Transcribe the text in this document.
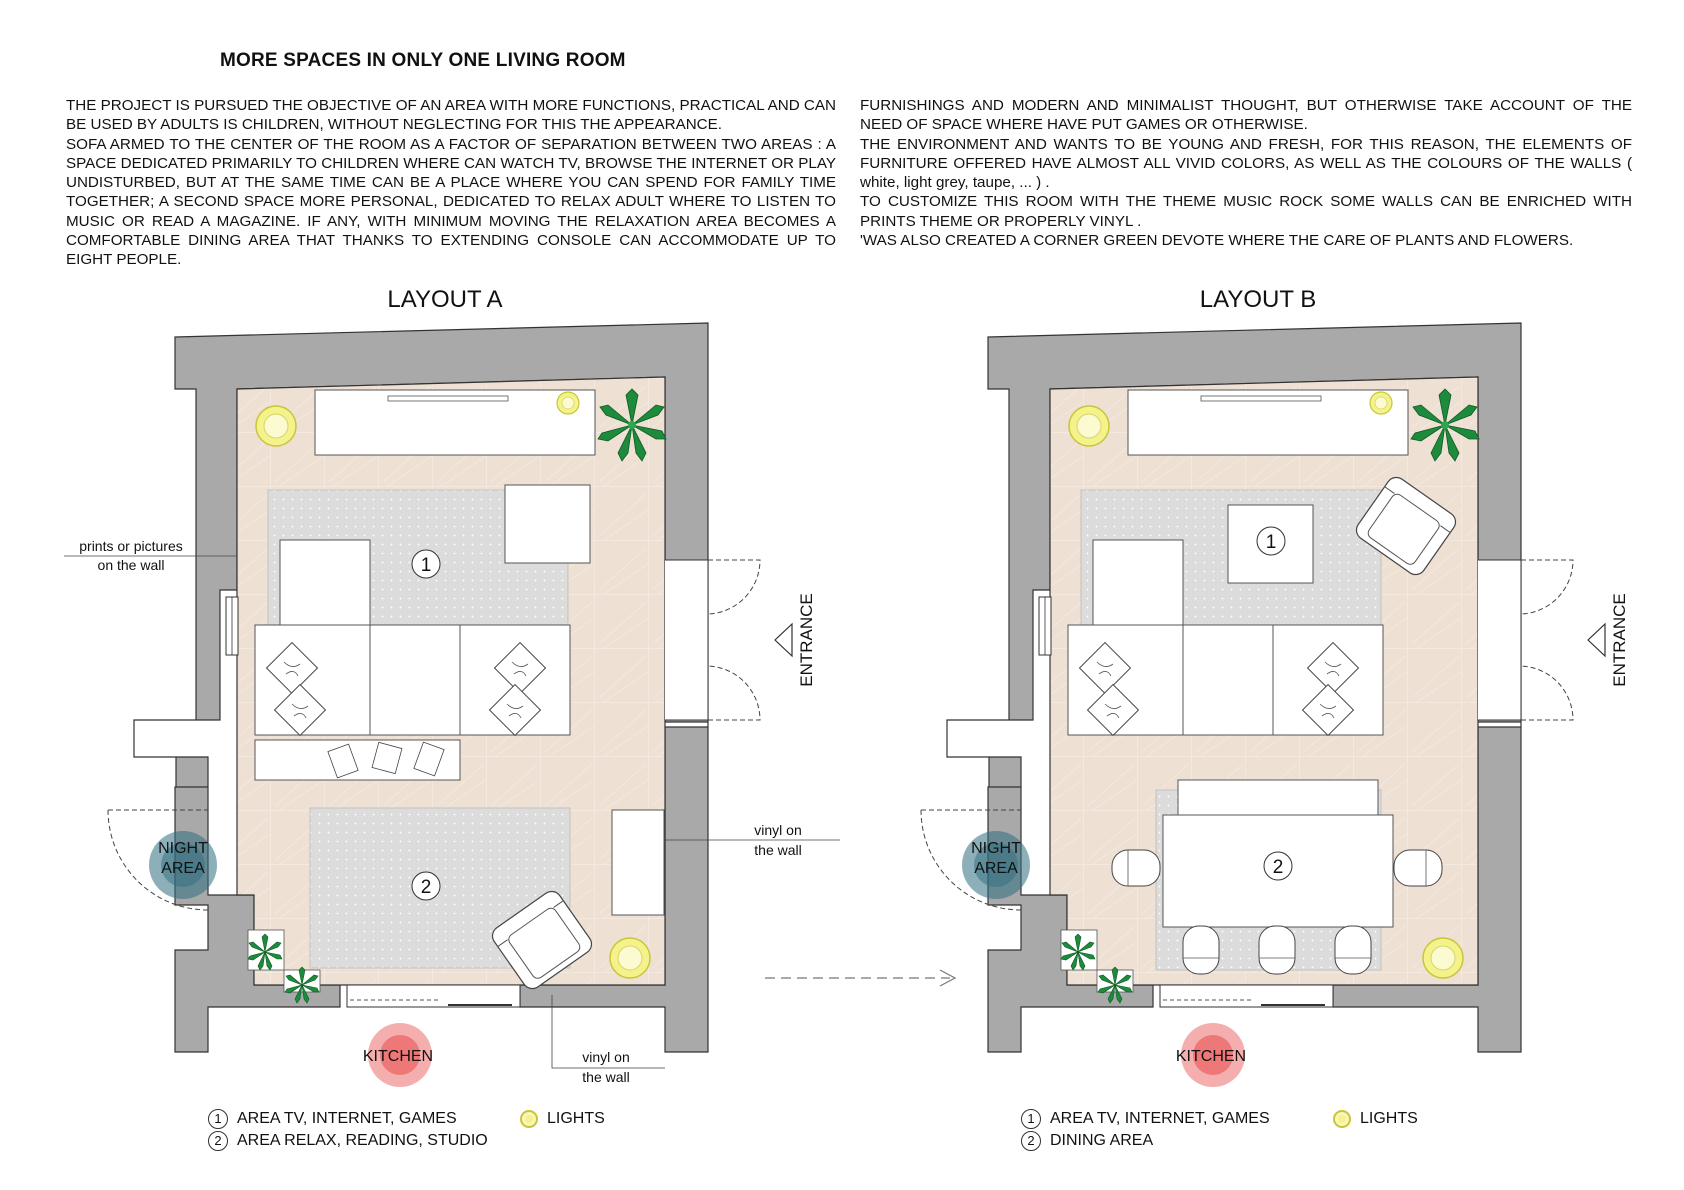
MORE SPACES IN ONLY ONE LIVING ROOM

THE PROJECT IS PURSUED THE OBJECTIVE OF AN AREA WITH MORE FUNCTIONS, PRACTICAL AND CAN BE USED BY ADULTS IS CHILDREN, WITHOUT NEGLECTING FOR THIS THE APPEARANCE.

SOFA ARMED TO THE CENTER OF THE ROOM AS A FACTOR OF SEPARATION BETWEEN TWO AREAS : A SPACE DEDICATED PRIMARILY TO CHILDREN WHERE CAN WATCH TV, BROWSE THE INTERNET OR PLAY UNDISTURBED, BUT AT THE SAME TIME CAN BE A PLACE WHERE YOU CAN SPEND FOR FAMILY TIME TOGETHER; A SECOND SPACE MORE PERSONAL, DEDICATED TO RELAX ADULT WHERE TO LISTEN TO MUSIC OR READ A MAGAZINE. IF ANY, WITH MINIMUM MOVING THE RELAXATION AREA BECOMES A COMFORTABLE DINING AREA THAT THANKS TO EXTENDING CONSOLE CAN ACCOMMODATE UP TO EIGHT PEOPLE.

FURNISHINGS AND MODERN AND MINIMALIST THOUGHT, BUT OTHERWISE TAKE ACCOUNT OF THE NEED OF SPACE WHERE HAVE PUT GAMES OR OTHERWISE.

THE ENVIRONMENT AND WANTS TO BE YOUNG AND FRESH, FOR THIS REASON, THE ELEMENTS OF FURNITURE OFFERED HAVE ALMOST ALL VIVID COLORS, AS WELL AS THE COLOURS OF THE WALLS ( white, light grey, taupe, ... ) .

TO CUSTOMIZE THIS ROOM WITH THE THEME MUSIC ROCK SOME WALLS CAN BE ENRICHED WITH PRINTS THEME OR PROPERLY VINYL .

'WAS ALSO CREATED A CORNER GREEN DEVOTE WHERE THE CARE OF PLANTS AND FLOWERS.

LAYOUT A	LAYOUT B
1
2
ENTRANCE
NIGHT
AREA
KITCHEN
prints or pictures
on the wall
vinyl on
the wall
vinyl on
the wall
1
2
ENTRANCE
NIGHT
AREA
KITCHEN
1 AREA TV, INTERNET, GAMES
2 AREA RELAX, READING, STUDIO
LIGHTS	1 AREA TV, INTERNET, GAMES
2 DINING AREA
LIGHTS
